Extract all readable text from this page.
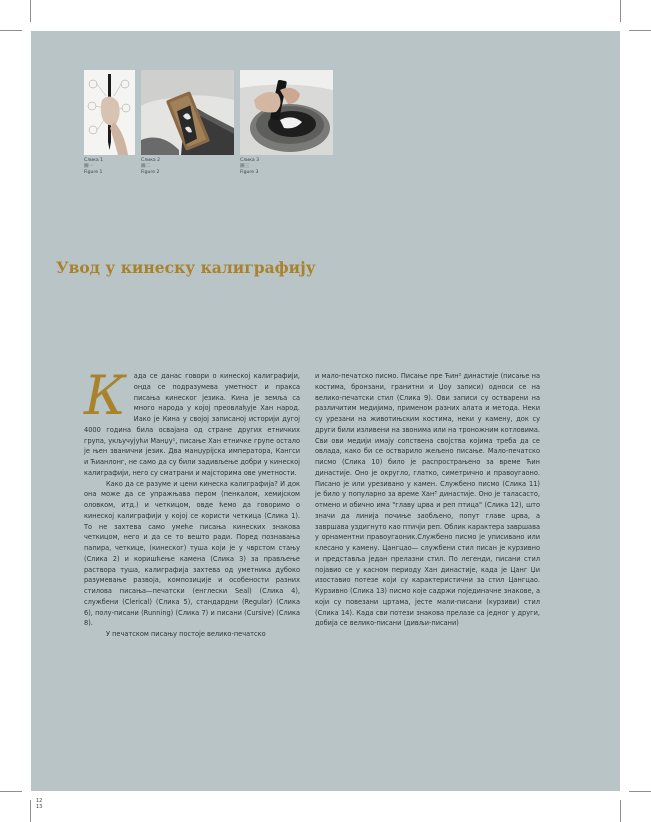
Слика 1
圖一
Figure 1
Слика 2
圖二
Figure 2
Слика 3
圖三
Figure 3
Увод у кинеску калиграфију
К	ада се данас говори о кинеској калиграфији, онда се подразумева уметност и пракса писања кинеског језика. Кина је земља са много народа у којој преовлађује Хан народ. Иако је Кина у својој записаној историји дугој 4000 година била освајана од стране других етничких група, укључујући Манџу¹, писање Хан етничке групе остало је њен званични језик. Два манџурijска императора, Кангси и Ћианлонг, не само да су били задивљење добри у кинеској калиграфији, него су сматрани и мајсторима ове уметности.

Како да се разуме и цени кинеска калиграфија? И док она може да се упражњава пером (пенкалом, хемијском оловком, итд.) и четкицом, овде ћемо да говоримо о кинеској калиграфији у којој се користи четкица (Слика 1). То не захтева само умеће писања кинеских знакова четкицом, него и да се то вешто ради. Поред познавања папира, четкице, (кинеског) туша који је у чврстом стању (Слика 2) и коришћење камена (Слика 3) за прављење раствора туша, калиграфија захтева од уметника дубоко разумевање развоја, композиције и особености разних стилова писања—печатски (енглески Seal) (Слика 4), службени (Clerical) (Слика 5), стандардни (Regular) (Слика 6), полу-писани (Running) (Слика 7) и писани (Cursive) (Слика 8).

У печатском писању постоје велико-печатско

и мало-печатско писмо. Писање пре Ћин² династије (писање на костима, бронзани, гранитни и Џоу записи) односи се на велико-печатски стил (Слика 9). Ови записи су остварени на различитим медијима, применом разних алата и метода. Неки су урезани на животињским костима, неки у камену, док су други били изливени на звонима или на троножним котловима. Сви ови медији имају сопствена својства којима треба да се овлада, како би се остварило жељено писање. Мало-печатско писмо (Слика 10) било је распрострањено за време Ћин династије. Оно је округло, глатко, симетрично и правоугаоно. Писано је или урезивано у камен. Службено писмо (Слика 11) је било у популарно за време Хан³ династије. Оно је таласасто, отмено и обично има "главу црва и реп птица" (Слика 12), што значи да линија почиње заобљено, попут главе црва, а завршава уздигнуто као птичји реп. Облик карактера завршава у орнаментни правоугаоник.Службено писмо је уписивано или клесано у камену. Цангцао— службени стил писан је курзивно и представља један прелазни стил. По легенди, писани стил појавио се у касном периоду Хан династије, када је Цанг Џи изоставио потезе који су карактеристични за стил Цангцао. Курзивно (Слика 13) писмо које садржи појединачне знакове, а који су повезани цртама, јесте мали-писани (курзиви) стил (Слика 14). Када сви потези знакова прелазе са једног у други, добија се велико-писани (дивљи-писани)

12
13
